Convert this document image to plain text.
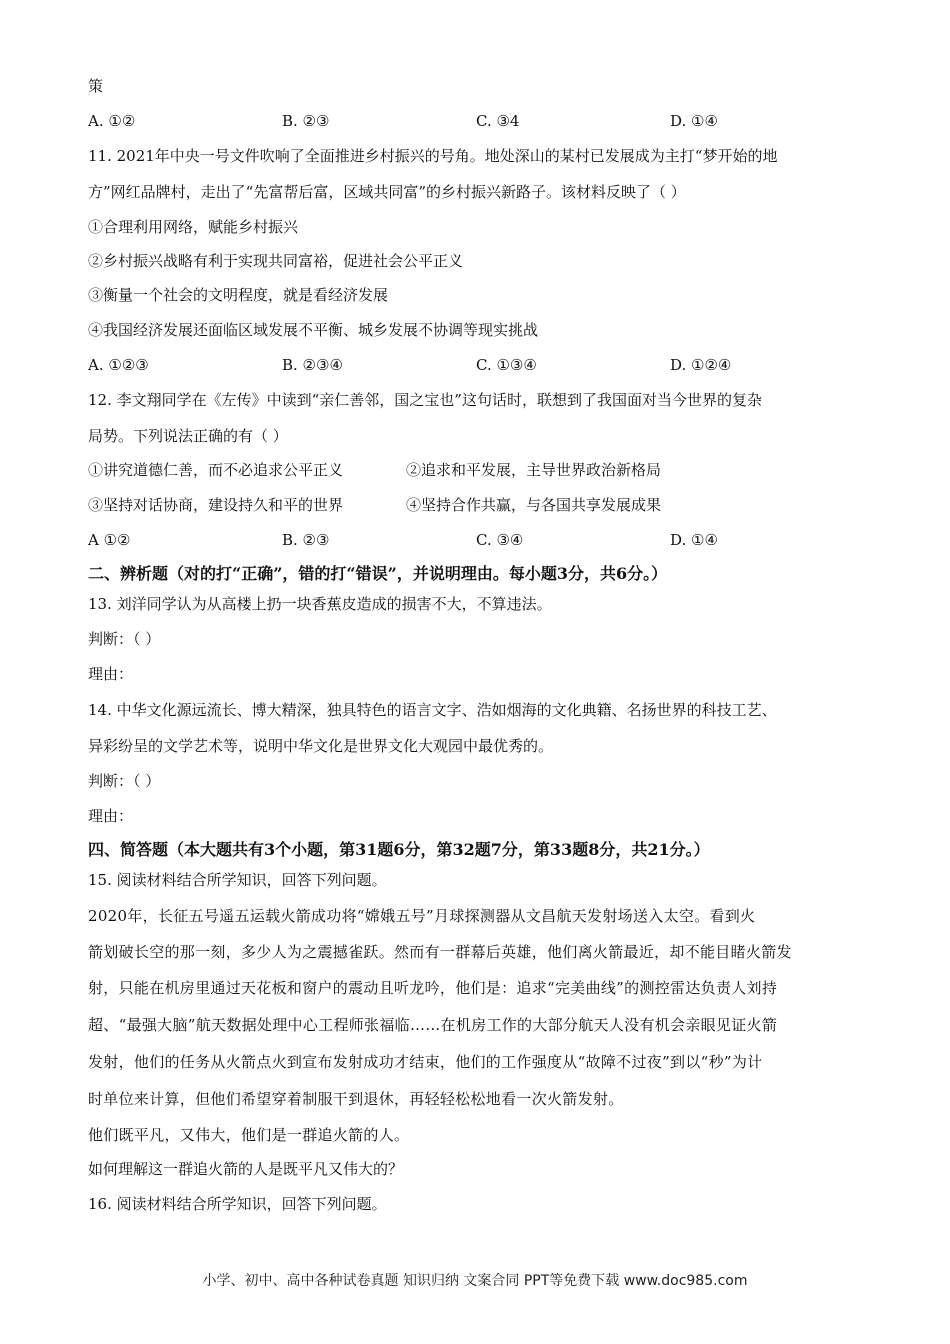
策
A. ①②	B. ②③	C. ③4	D. ①④
11. 2021年中央一号文件吹响了全面推进乡村振兴的号角。地处深山的某村已发展成为主打“梦开始的地
方”网红品牌村，走出了“先富帮后富，区域共同富”的乡村振兴新路子。该材料反映了（ ）
①合理利用网络，赋能乡村振兴
②乡村振兴战略有利于实现共同富裕，促进社会公平正义
③衡量一个社会的文明程度，就是看经济发展
④我国经济发展还面临区域发展不平衡、城乡发展不协调等现实挑战
A. ①②③	B. ②③④	C. ①③④	D. ①②④
12. 李文翔同学在《左传》中读到“亲仁善邻，国之宝也”这句话时，联想到了我国面对当今世界的复杂
局势。下列说法正确的有（ ）
①讲究道德仁善，而不必追求公平正义	②追求和平发展，主导世界政治新格局
③坚持对话协商，建设持久和平的世界	④坚持合作共赢，与各国共享发展成果
A ①②	B. ②③	C. ③④	D. ①④
二、辨析题（对的打“正确”，错的打“错误”，并说明理由。每小题3分，共6分。）
13. 刘洋同学认为从高楼上扔一块香蕉皮造成的损害不大，不算违法。
判断：（ ）
理由：
14. 中华文化源远流长、博大精深，独具特色的语言文字、浩如烟海的文化典籍、名扬世界的科技工艺、
异彩纷呈的文学艺术等，说明中华文化是世界文化大观园中最优秀的。
判断：（ ）
理由：
四、简答题（本大题共有3个小题，第31题6分，第32题7分，第33题8分，共21分。）
15. 阅读材料结合所学知识，回答下列问题。
2020年，长征五号遥五运载火箭成功将“嫦娥五号”月球探测器从文昌航天发射场送入太空。看到火
箭划破长空的那一刻，多少人为之震撼雀跃。然而有一群幕后英雄，他们离火箭最近，却不能目睹火箭发
射，只能在机房里通过天花板和窗户的震动且听龙吟，他们是：追求“完美曲线”的测控雷达负责人刘持
超、“最强大脑”航天数据处理中心工程师张福临……在机房工作的大部分航天人没有机会亲眼见证火箭
发射，他们的任务从火箭点火到宣布发射成功才结束，他们的工作强度从“故障不过夜”到以“秒”为计
时单位来计算，但他们希望穿着制服干到退休，再轻轻松松地看一次火箭发射。
他们既平凡，又伟大，他们是一群追火箭的人。
如何理解这一群追火箭的人是既平凡又伟大的？
16. 阅读材料结合所学知识，回答下列问题。
小学、初中、高中各种试卷真题 知识归纳 文案合同 PPT等免费下载 www.doc985.com
